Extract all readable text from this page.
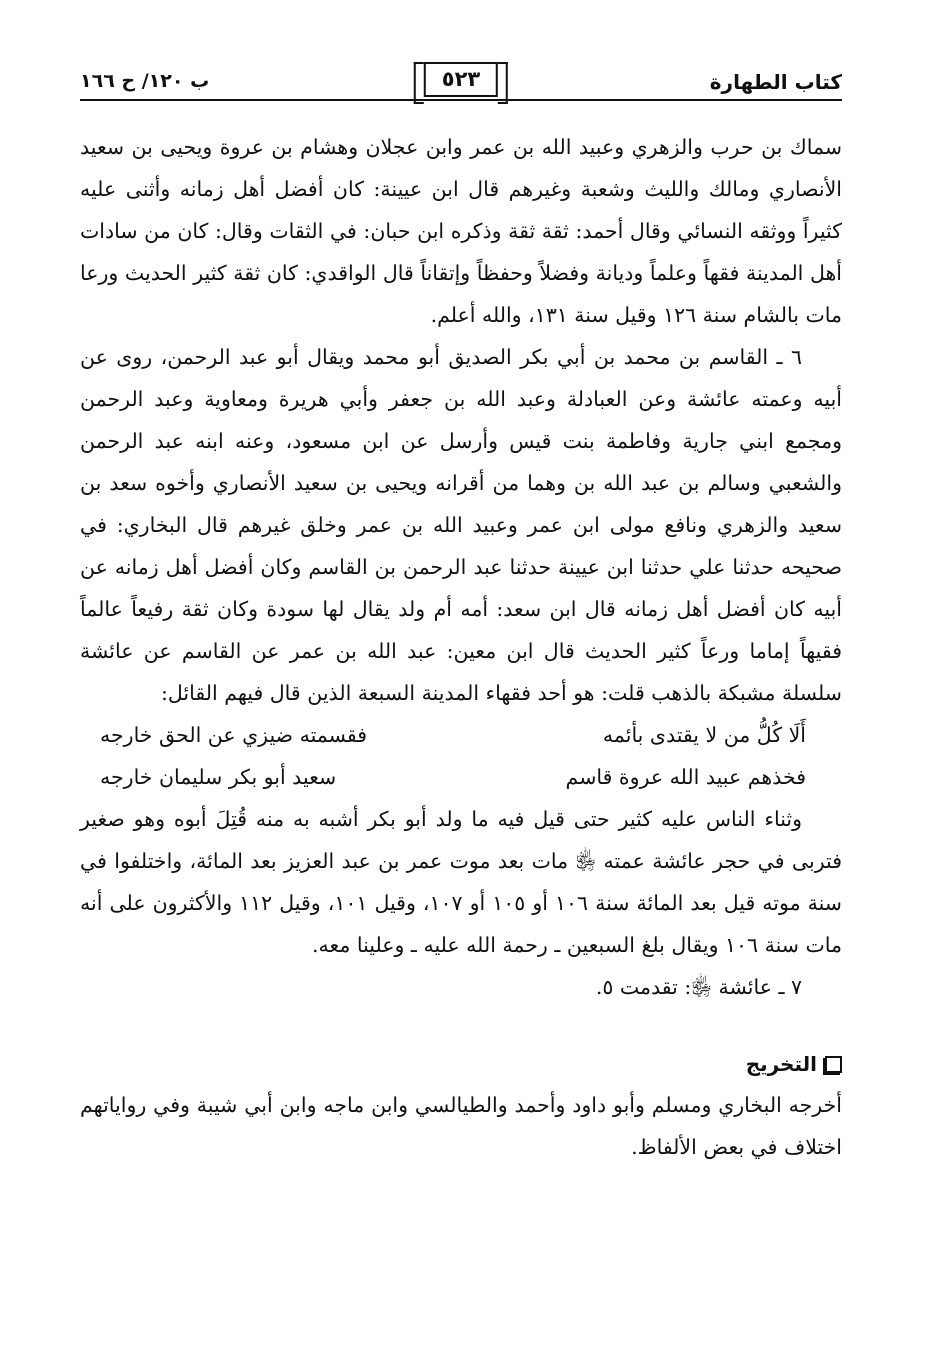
كتاب الطهارة
٥٢٣
ب ١٢٠/ ح ١٦٦

سماك بن حرب والزهري وعبيد الله بن عمر وابن عجلان وهشام بن عروة ويحيى بن سعيد الأنصاري ومالك والليث وشعبة وغيرهم قال ابن عيينة: كان أفضل أهل زمانه وأثنى عليه كثيراً ووثقه النسائي وقال أحمد: ثقة ثقة وذكره ابن حبان: في الثقات وقال: كان من سادات أهل المدينة فقهاً وعلماً وديانة وفضلاً وحفظاً وإتقاناً قال الواقدي: كان ثقة كثير الحديث ورعا مات بالشام سنة ١٢٦ وقيل سنة ١٣١، والله أعلم.

٦ ـ القاسم بن محمد بن أبي بكر الصديق أبو محمد ويقال أبو عبد الرحمن، روى عن أبيه وعمته عائشة وعن العبادلة وعبد الله بن جعفر وأبي هريرة ومعاوية وعبد الرحمن ومجمع ابني جارية وفاطمة بنت قيس وأرسل عن ابن مسعود، وعنه ابنه عبد الرحمن والشعبي وسالم بن عبد الله بن وهما من أقرانه ويحيى بن سعيد الأنصاري وأخوه سعد بن سعيد والزهري ونافع مولى ابن عمر وعبيد الله بن عمر وخلق غيرهم قال البخاري: في صحيحه حدثنا علي حدثنا ابن عيينة حدثنا عبد الرحمن بن القاسم وكان أفضل أهل زمانه عن أبيه كان أفضل أهل زمانه قال ابن سعد: أمه أم ولد يقال لها سودة وكان ثقة رفيعاً عالماً فقيهاً إماما ورعاً كثير الحديث قال ابن معين: عبد الله بن عمر عن القاسم عن عائشة سلسلة مشبكة بالذهب قلت: هو أحد فقهاء المدينة السبعة الذين قال فيهم القائل:

أَلَا كُلُّ من لا يقتدى بأئمه
فقسمته ضيزي عن الحق خارجه
فخذهم عبيد الله عروة قاسم
سعيد أبو بكر سليمان خارجه

وثناء الناس عليه كثير حتى قيل فيه ما ولد أبو بكر أشبه به منه قُتِلَ أبوه وهو صغير فتربى في حجر عائشة عمته ﵂ مات بعد موت عمر بن عبد العزيز بعد المائة، واختلفوا في سنة موته قيل بعد المائة سنة ١٠٦ أو ١٠٥ أو ١٠٧، وقيل ١٠١، وقيل ١١٢ والأكثرون على أنه مات سنة ١٠٦ ويقال بلغ السبعين ـ رحمة الله عليه ـ وعلينا معه.

٧ ـ عائشة ﵂: تقدمت ٥.

التخريج

أخرجه البخاري ومسلم وأبو داود وأحمد والطيالسي وابن ماجه وابن أبي شيبة وفي رواياتهم اختلاف في بعض الألفاظ.
